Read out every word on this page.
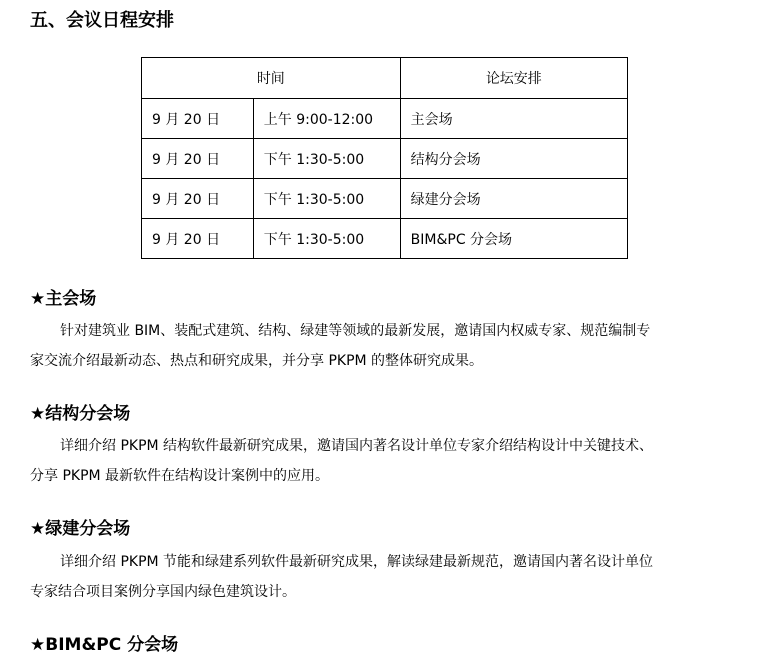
五、会议日程安排
时间		论坛安排
9 月 20 日	上午 9:00-12:00	主会场
9 月 20 日	下午 1:30-5:00	结构分会场
9 月 20 日	下午 1:30-5:00	绿建分会场
9 月 20 日	下午 1:30-5:00	BIM&PC 分会场
★主会场

针对建筑业 BIM、装配式建筑、结构、绿建等领域的最新发展，邀请国内权威专家、规范编制专
家交流介绍最新动态、热点和研究成果，并分享 PKPM 的整体研究成果。

★结构分会场

详细介绍 PKPM 结构软件最新研究成果，邀请国内著名设计单位专家介绍结构设计中关键技术、
分享 PKPM 最新软件在结构设计案例中的应用。

★绿建分会场

详细介绍 PKPM 节能和绿建系列软件最新研究成果，解读绿建最新规范，邀请国内著名设计单位
专家结合项目案例分享国内绿色建筑设计。

★BIM&PC 分会场
